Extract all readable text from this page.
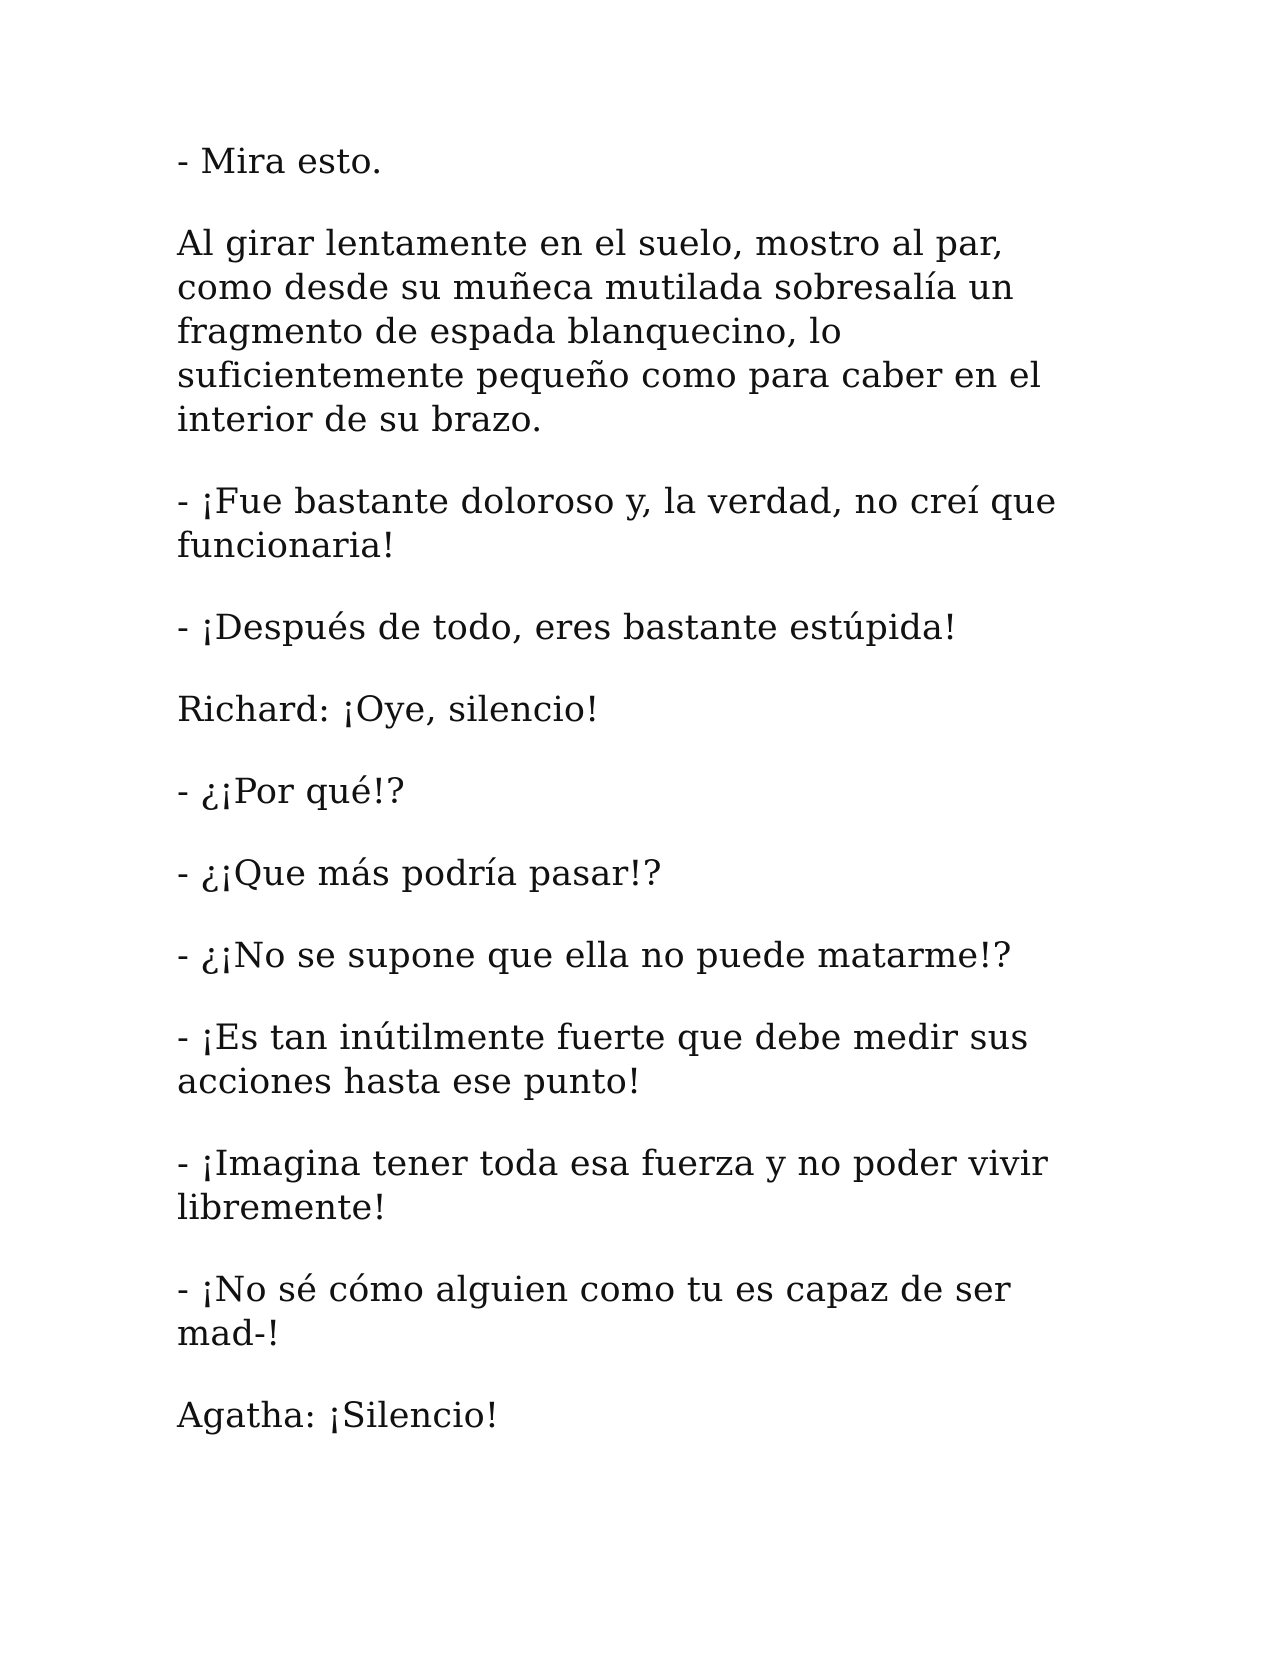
- Mira esto.

Al girar lentamente en el suelo, mostro al par, como desde su muñeca mutilada sobresalía un fragmento de espada blanquecino, lo suficientemente pequeño como para caber en el interior de su brazo.

- ¡Fue bastante doloroso y, la verdad, no creí que funcionaria!

- ¡Después de todo, eres bastante estúpida!

Richard: ¡Oye, silencio!

- ¿¡Por qué!?

- ¿¡Que más podría pasar!?

- ¿¡No se supone que ella no puede matarme!?

- ¡Es tan inútilmente fuerte que debe medir sus acciones hasta ese punto!

- ¡Imagina tener toda esa fuerza y no poder vivir libremente!

- ¡No sé cómo alguien como tu es capaz de ser mad-!

Agatha: ¡Silencio!
